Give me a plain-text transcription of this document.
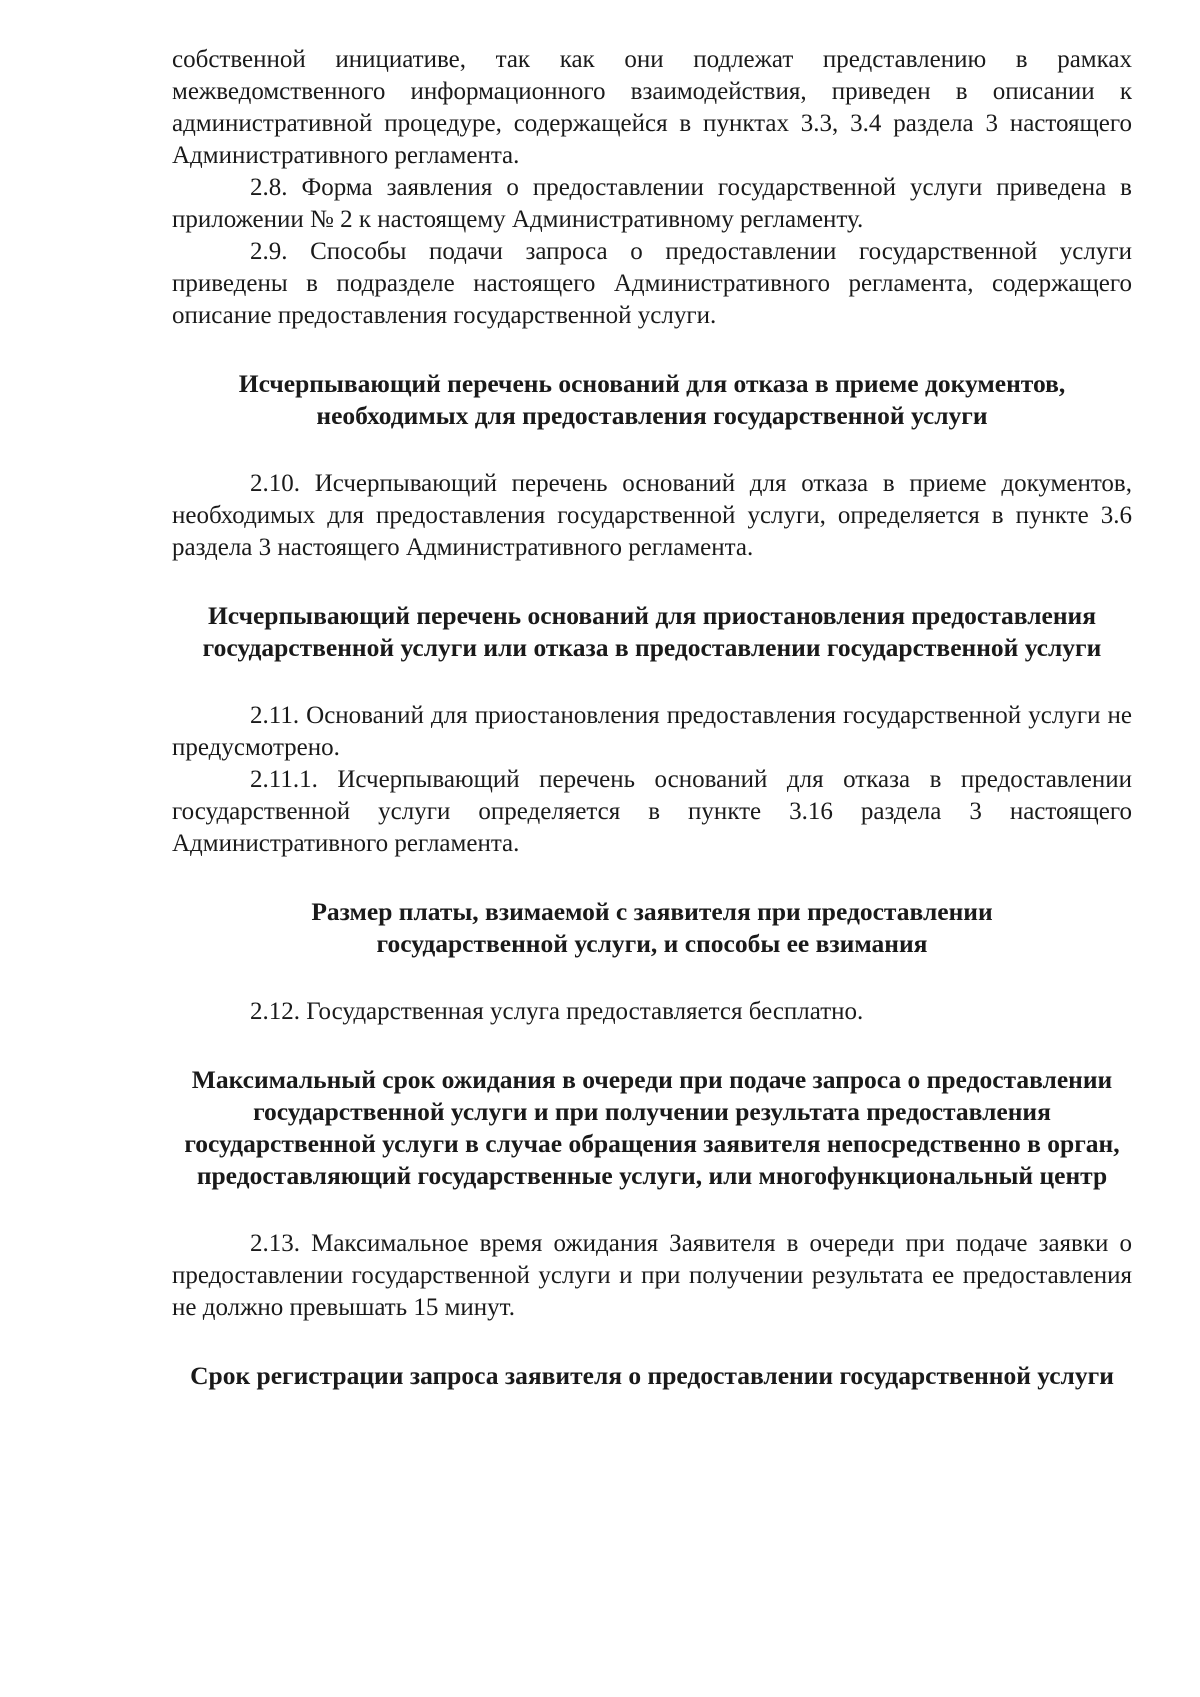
собственной инициативе, так как они подлежат представлению в рамках межведомственного информационного взаимодействия, приведен в описании к административной процедуре, содержащейся в пунктах 3.3, 3.4 раздела 3 настоящего Административного регламента.

2.8. Форма заявления о предоставлении государственной услуги приведена в приложении № 2 к настоящему Административному регламенту.

2.9. Способы подачи запроса о предоставлении государственной услуги приведены в подразделе настоящего Административного регламента, содержащего описание предоставления государственной услуги.

Исчерпывающий перечень оснований для отказа в приеме документов, необходимых для предоставления государственной услуги

2.10. Исчерпывающий перечень оснований для отказа в приеме документов, необходимых для предоставления государственной услуги, определяется в пункте 3.6 раздела 3 настоящего Административного регламента.

Исчерпывающий перечень оснований для приостановления предоставления государственной услуги или отказа в предоставлении государственной услуги

2.11. Оснований для приостановления предоставления государственной услуги не предусмотрено.

2.11.1. Исчерпывающий перечень оснований для отказа в предоставлении государственной услуги определяется в пункте 3.16 раздела 3 настоящего Административного регламента.

Размер платы, взимаемой с заявителя при предоставлении государственной услуги, и способы ее взимания

2.12. Государственная услуга предоставляется бесплатно.

Максимальный срок ожидания в очереди при подаче запроса о предоставлении государственной услуги и при получении результата предоставления государственной услуги в случае обращения заявителя непосредственно в орган, предоставляющий государственные услуги, или многофункциональный центр

2.13. Максимальное время ожидания Заявителя в очереди при подаче заявки о предоставлении государственной услуги и при получении результата ее предоставления не должно превышать 15 минут.

Срок регистрации запроса заявителя о предоставлении государственной услуги
